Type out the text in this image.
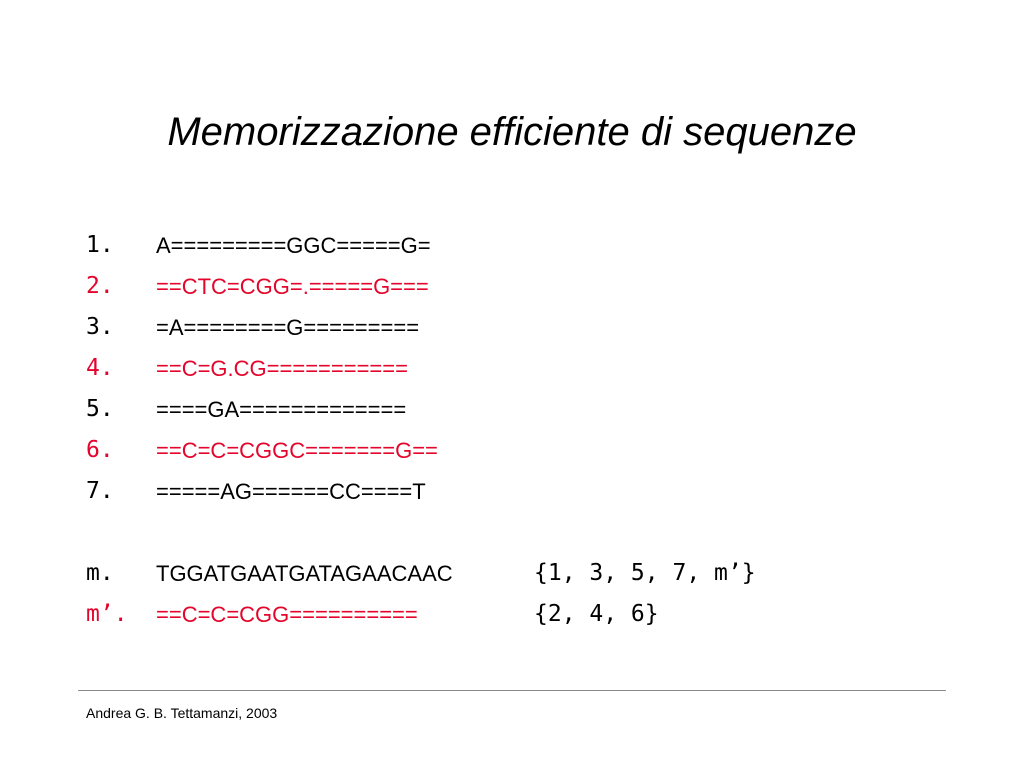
Memorizzazione efficiente di sequenze
1. A=========GGC=====G=
2. ==CTC=CGG=.=====G===
3. =A========G=========
4. ==C=G.CG===========
5. ====GA=============
6. ==C=C=CGGC=======G==
7. =====AG======CC====T
m. TGGATGAATGATAGAACAAC	{1, 3, 5, 7, m’}
m’. ==C=C=CGG==========	{2, 4, 6}
Andrea G. B. Tettamanzi, 2003
